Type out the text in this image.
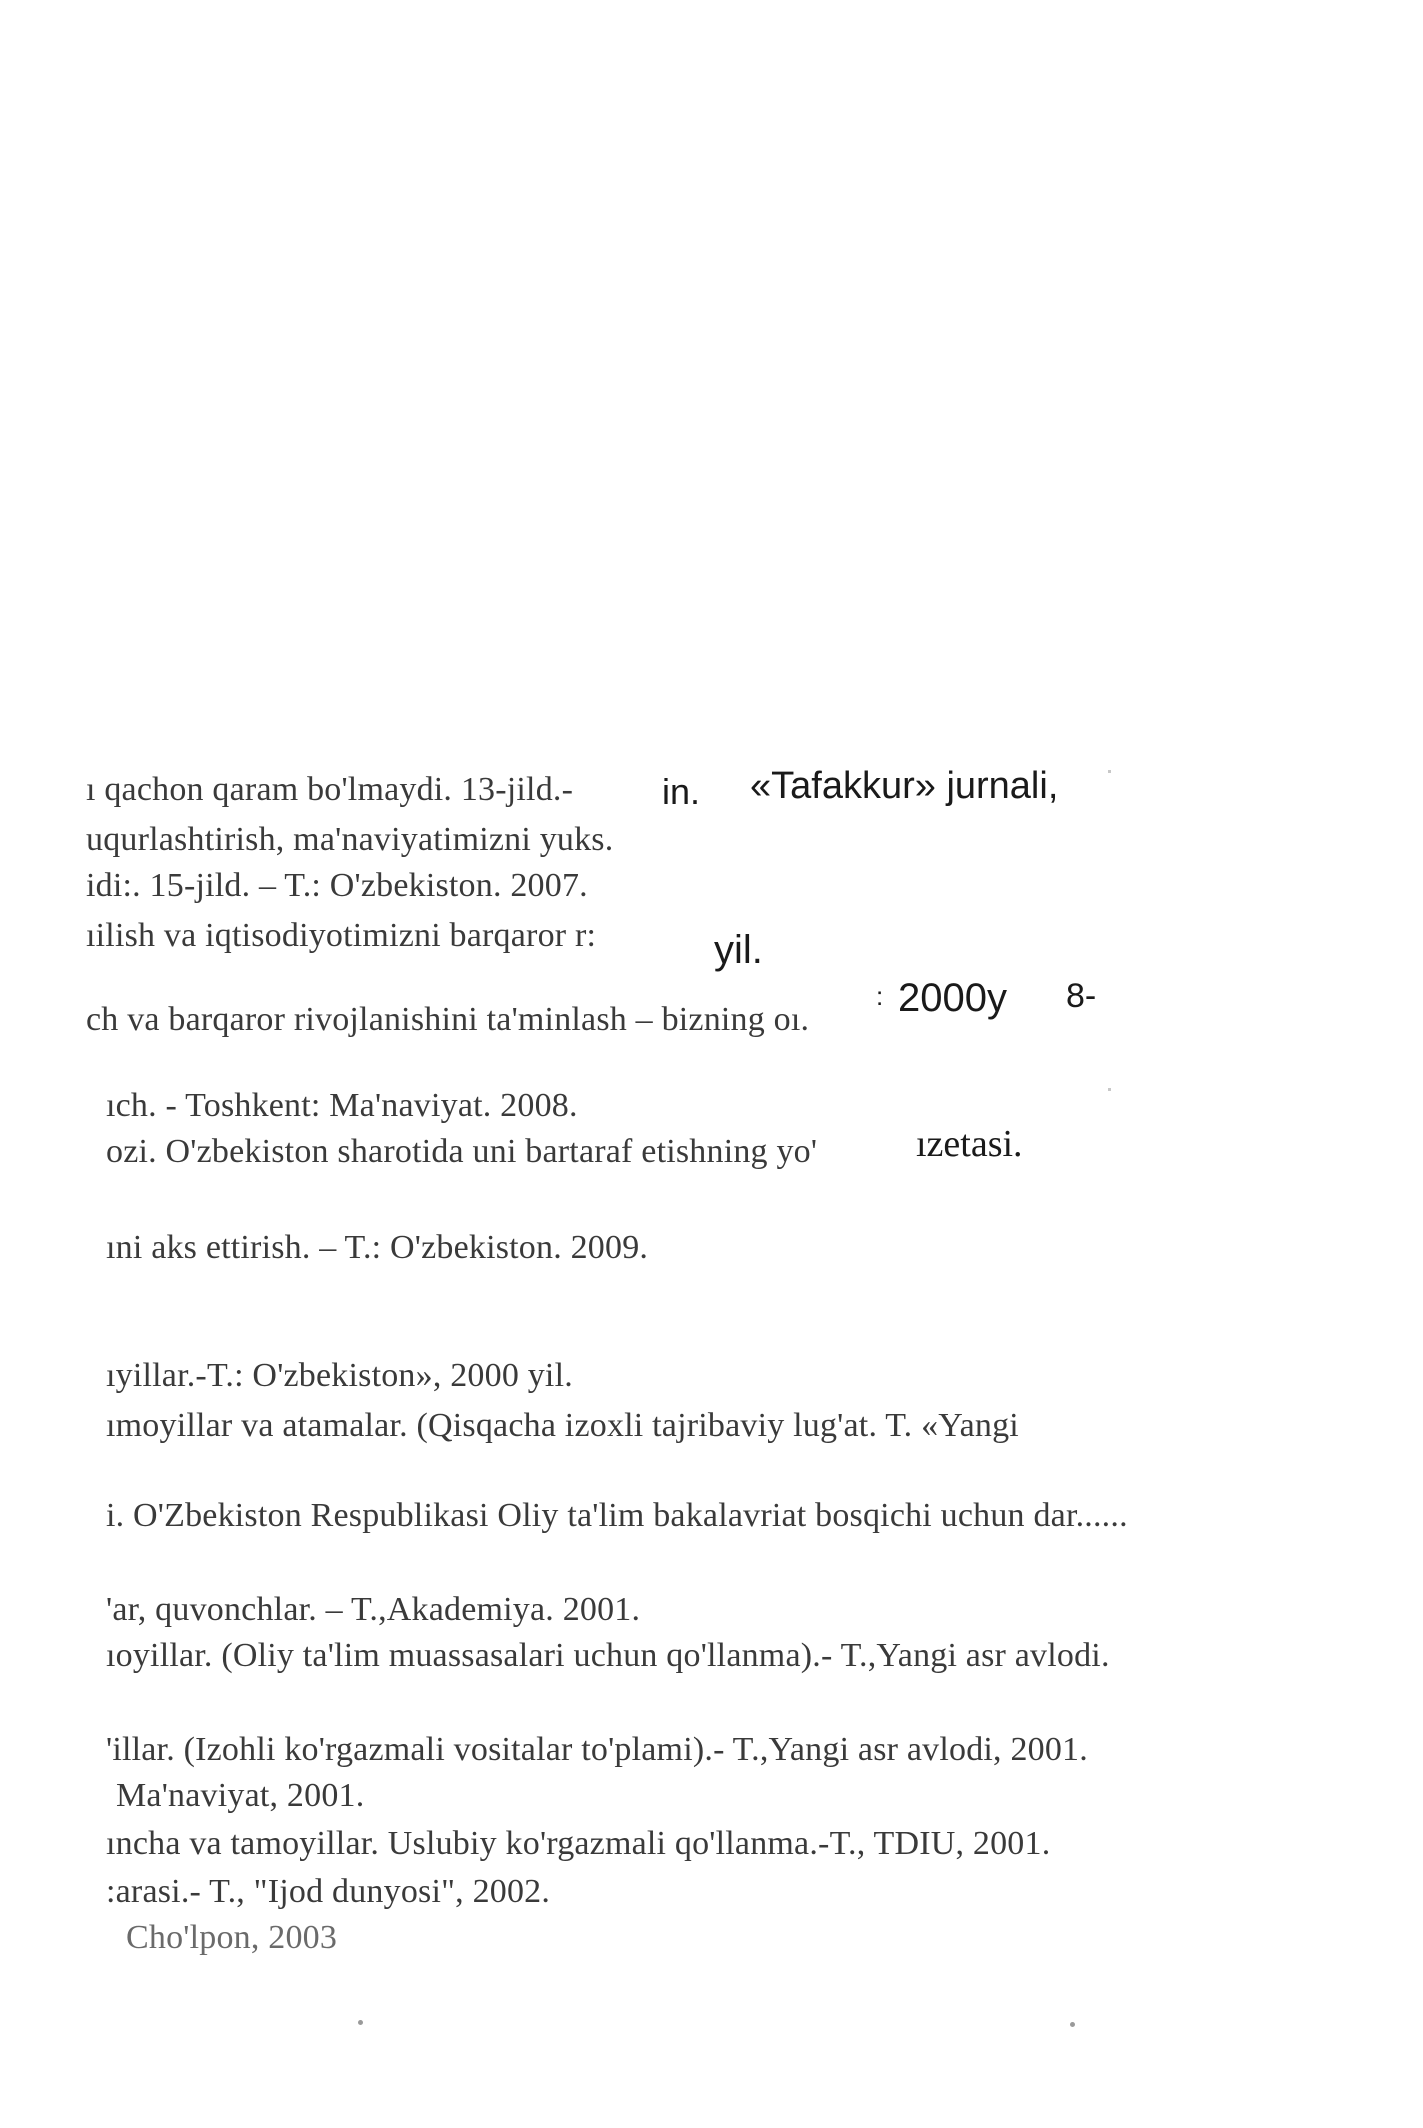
ı qachon qaram bo'lmaydi. 13-jild.- in. «Tafakkur» jurnali,
uqurlashtirish, ma'naviyatimizni yuks.
idi:. 15-jild. – T.: O'zbekiston. 2007.
ıilish va iqtisodiyotimizni barqaror r:	yil.
ch va barqaror rivojlanishini ta'minlash – bizning oı.
: 2000y 8-
ıch. - Toshkent: Ma'naviyat. 2008.
ozi. O'zbekiston sharotida uni bartaraf etishning yo'	ızetasi.
ıni aks ettirish. – T.: O'zbekiston. 2009.
ıyillar.-T.: O'zbekiston», 2000 yil.
ımoyillar va atamalar. (Qisqacha izoxli tajribaviy lug'at. T. «Yangi
i. O'Zbekiston Respublikasi Oliy ta'lim bakalavriat bosqichi uchun dar......
'ar, quvonchlar. – T.,Akademiya. 2001.
ıoyillar. (Oliy ta'lim muassasalari uchun qo'llanma).- T.,Yangi asr avlodi.
'illar. (Izohli ko'rgazmali vositalar to'plami).- T.,Yangi asr avlodi, 2001.
Ma'naviyat, 2001.
ıncha va tamoyillar. Uslubiy ko'rgazmali qo'llanma.-T., TDIU, 2001.
:arasi.- T., "Ijod dunyosi", 2002.
Cho'lpon, 2003
